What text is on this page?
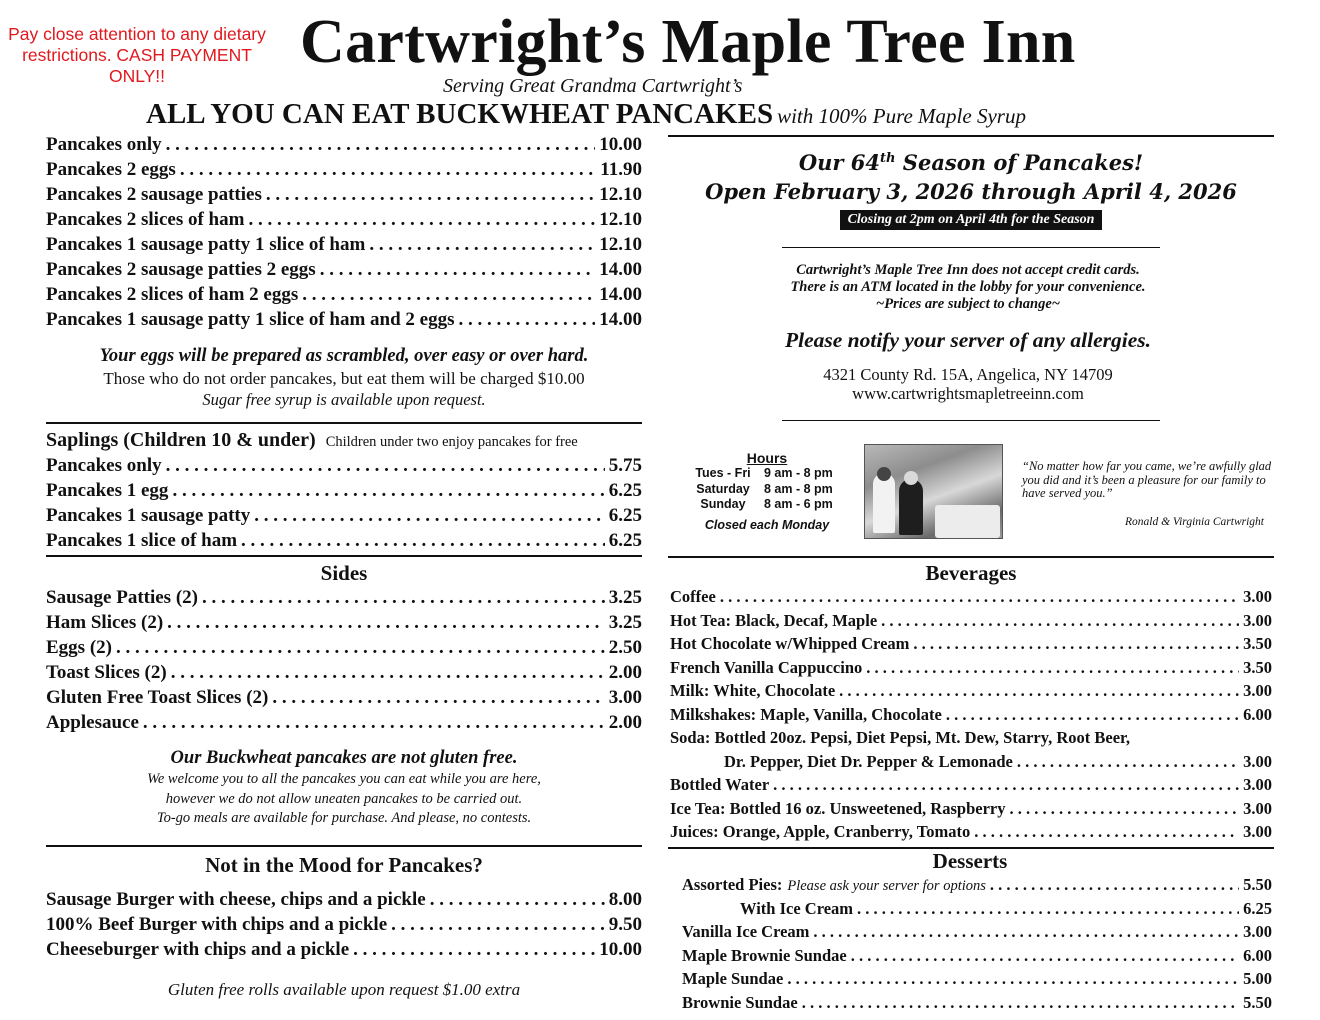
Pay close attention to any dietary restrictions. CASH PAYMENT ONLY!!	Cartwright’s Maple Tree Inn
Serving Great Grandma Cartwright’s
ALL YOU CAN EAT BUCKWHEAT PANCAKES with 100% Pure Maple Syrup
Pancakes only . . .	10.00
Pancakes 2 eggs . . .	11.90
Pancakes 2 sausage patties . . .	12.10
Pancakes 2 slices of ham . . .	12.10
Pancakes 1 sausage patty 1 slice of ham . . .	12.10
Pancakes 2 sausage patties 2 eggs . . .	14.00
Pancakes 2 slices of ham 2 eggs . . .	14.00
Pancakes 1 sausage patty 1 slice of ham and 2 eggs . . .	14.00
Your eggs will be prepared as scrambled, over easy or over hard.
Those who do not order pancakes, but eat them will be charged $10.00
Sugar free syrup is available upon request.
Saplings (Children 10 & under) Children under two enjoy pancakes for free
Pancakes only . . .	5.75
Pancakes 1 egg . . .	6.25
Pancakes 1 sausage patty . . .	6.25
Pancakes 1 slice of ham . . .	6.25
Sides
Sausage Patties (2) . . .	3.25
Ham Slices (2) . . .	3.25
Eggs (2) . . .	2.50
Toast Slices (2) . . .	2.00
Gluten Free Toast Slices (2) . . .	3.00
Applesauce . . .	2.00
Our Buckwheat pancakes are not gluten free.
We welcome you to all the pancakes you can eat while you are here,
however we do not allow uneaten pancakes to be carried out.
To-go meals are available for purchase. And please, no contests.
Not in the Mood for Pancakes?
Sausage Burger with cheese, chips and a pickle . . .	8.00
100% Beef Burger with chips and a pickle . . .	9.50
Cheeseburger with chips and a pickle . . .	10.00
Gluten free rolls available upon request $1.00 extra
Our 64th Season of Pancakes!
Open February 3, 2026 through April 4, 2026
Closing at 2pm on April 4th for the Season
Cartwright’s Maple Tree Inn does not accept credit cards.
There is an ATM located in the lobby for your convenience.
~Prices are subject to change~
Please notify your server of any allergies.
4321 County Rd. 15A, Angelica, NY 14709
www.cartwrightsmapletreeinn.com
Hours
Tues - Fri	9 am - 8 pm
Saturday	8 am - 8 pm
Sunday	8 am - 6 pm
Closed each Monday
“No matter how far you came, we’re awfully glad you did and it’s been a pleasure for our family to have served you.”
Ronald & Virginia Cartwright
Beverages
Coffee . . .	3.00
Hot Tea: Black, Decaf, Maple . . .	3.00
Hot Chocolate w/Whipped Cream . . .	3.50
French Vanilla Cappuccino . . .	3.50
Milk: White, Chocolate . . .	3.00
Milkshakes: Maple, Vanilla, Chocolate . . .	6.00
Soda: Bottled 20oz. Pepsi, Diet Pepsi, Mt. Dew, Starry, Root Beer,
Dr. Pepper, Diet Dr. Pepper & Lemonade . . .	3.00
Bottled Water . . .	3.00
Ice Tea: Bottled 16 oz. Unsweetened, Raspberry . . .	3.00
Juices: Orange, Apple, Cranberry, Tomato . . .	3.00
Desserts
Assorted Pies: Please ask your server for options . . .	5.50
With Ice Cream . . .	6.25
Vanilla Ice Cream . . .	3.00
Maple Brownie Sundae . . .	6.00
Maple Sundae . . .	5.00
Brownie Sundae . . .	5.50
